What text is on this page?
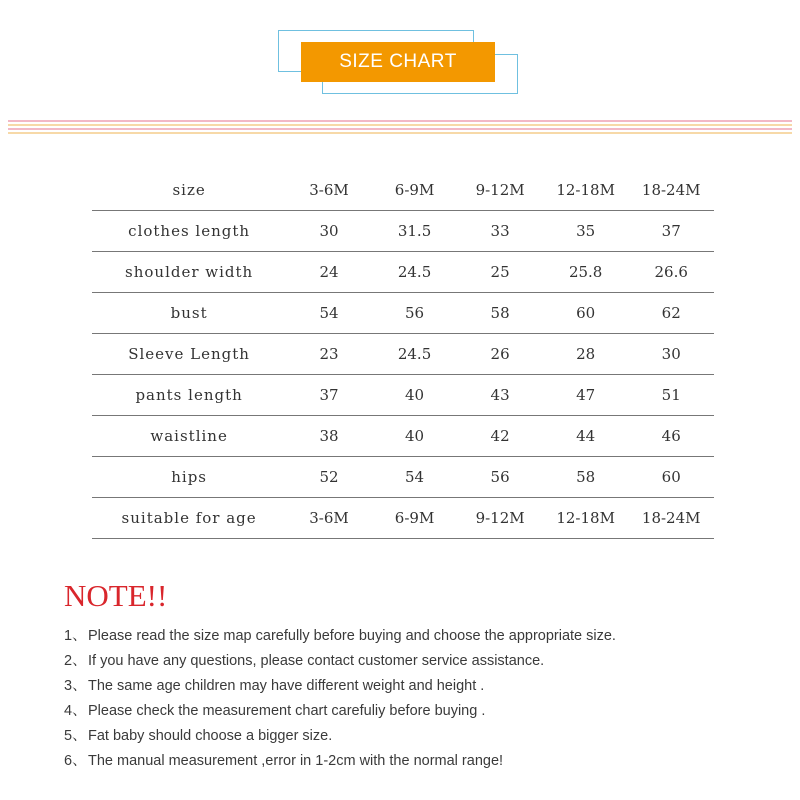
SIZE CHART
size	3-6M	6-9M	9-12M	12-18M	18-24M
clothes length	30	31.5	33	35	37
shoulder width	24	24.5	25	25.8	26.6
bust	54	56	58	60	62
Sleeve Length	23	24.5	26	28	30
pants length	37	40	43	47	51
waistline	38	40	42	44	46
hips	52	54	56	58	60
suitable for age	3-6M	6-9M	9-12M	12-18M	18-24M
NOTE!!
1、Please read the size map carefully before buying and choose the appropriate size.
2、If you have any questions, please contact customer service assistance.
3、The same age children may have different weight and height .
4、Please check the measurement chart carefuliy before buying .
5、Fat baby should choose a bigger size.
6、The manual measurement ,error in 1-2cm with the normal range!
